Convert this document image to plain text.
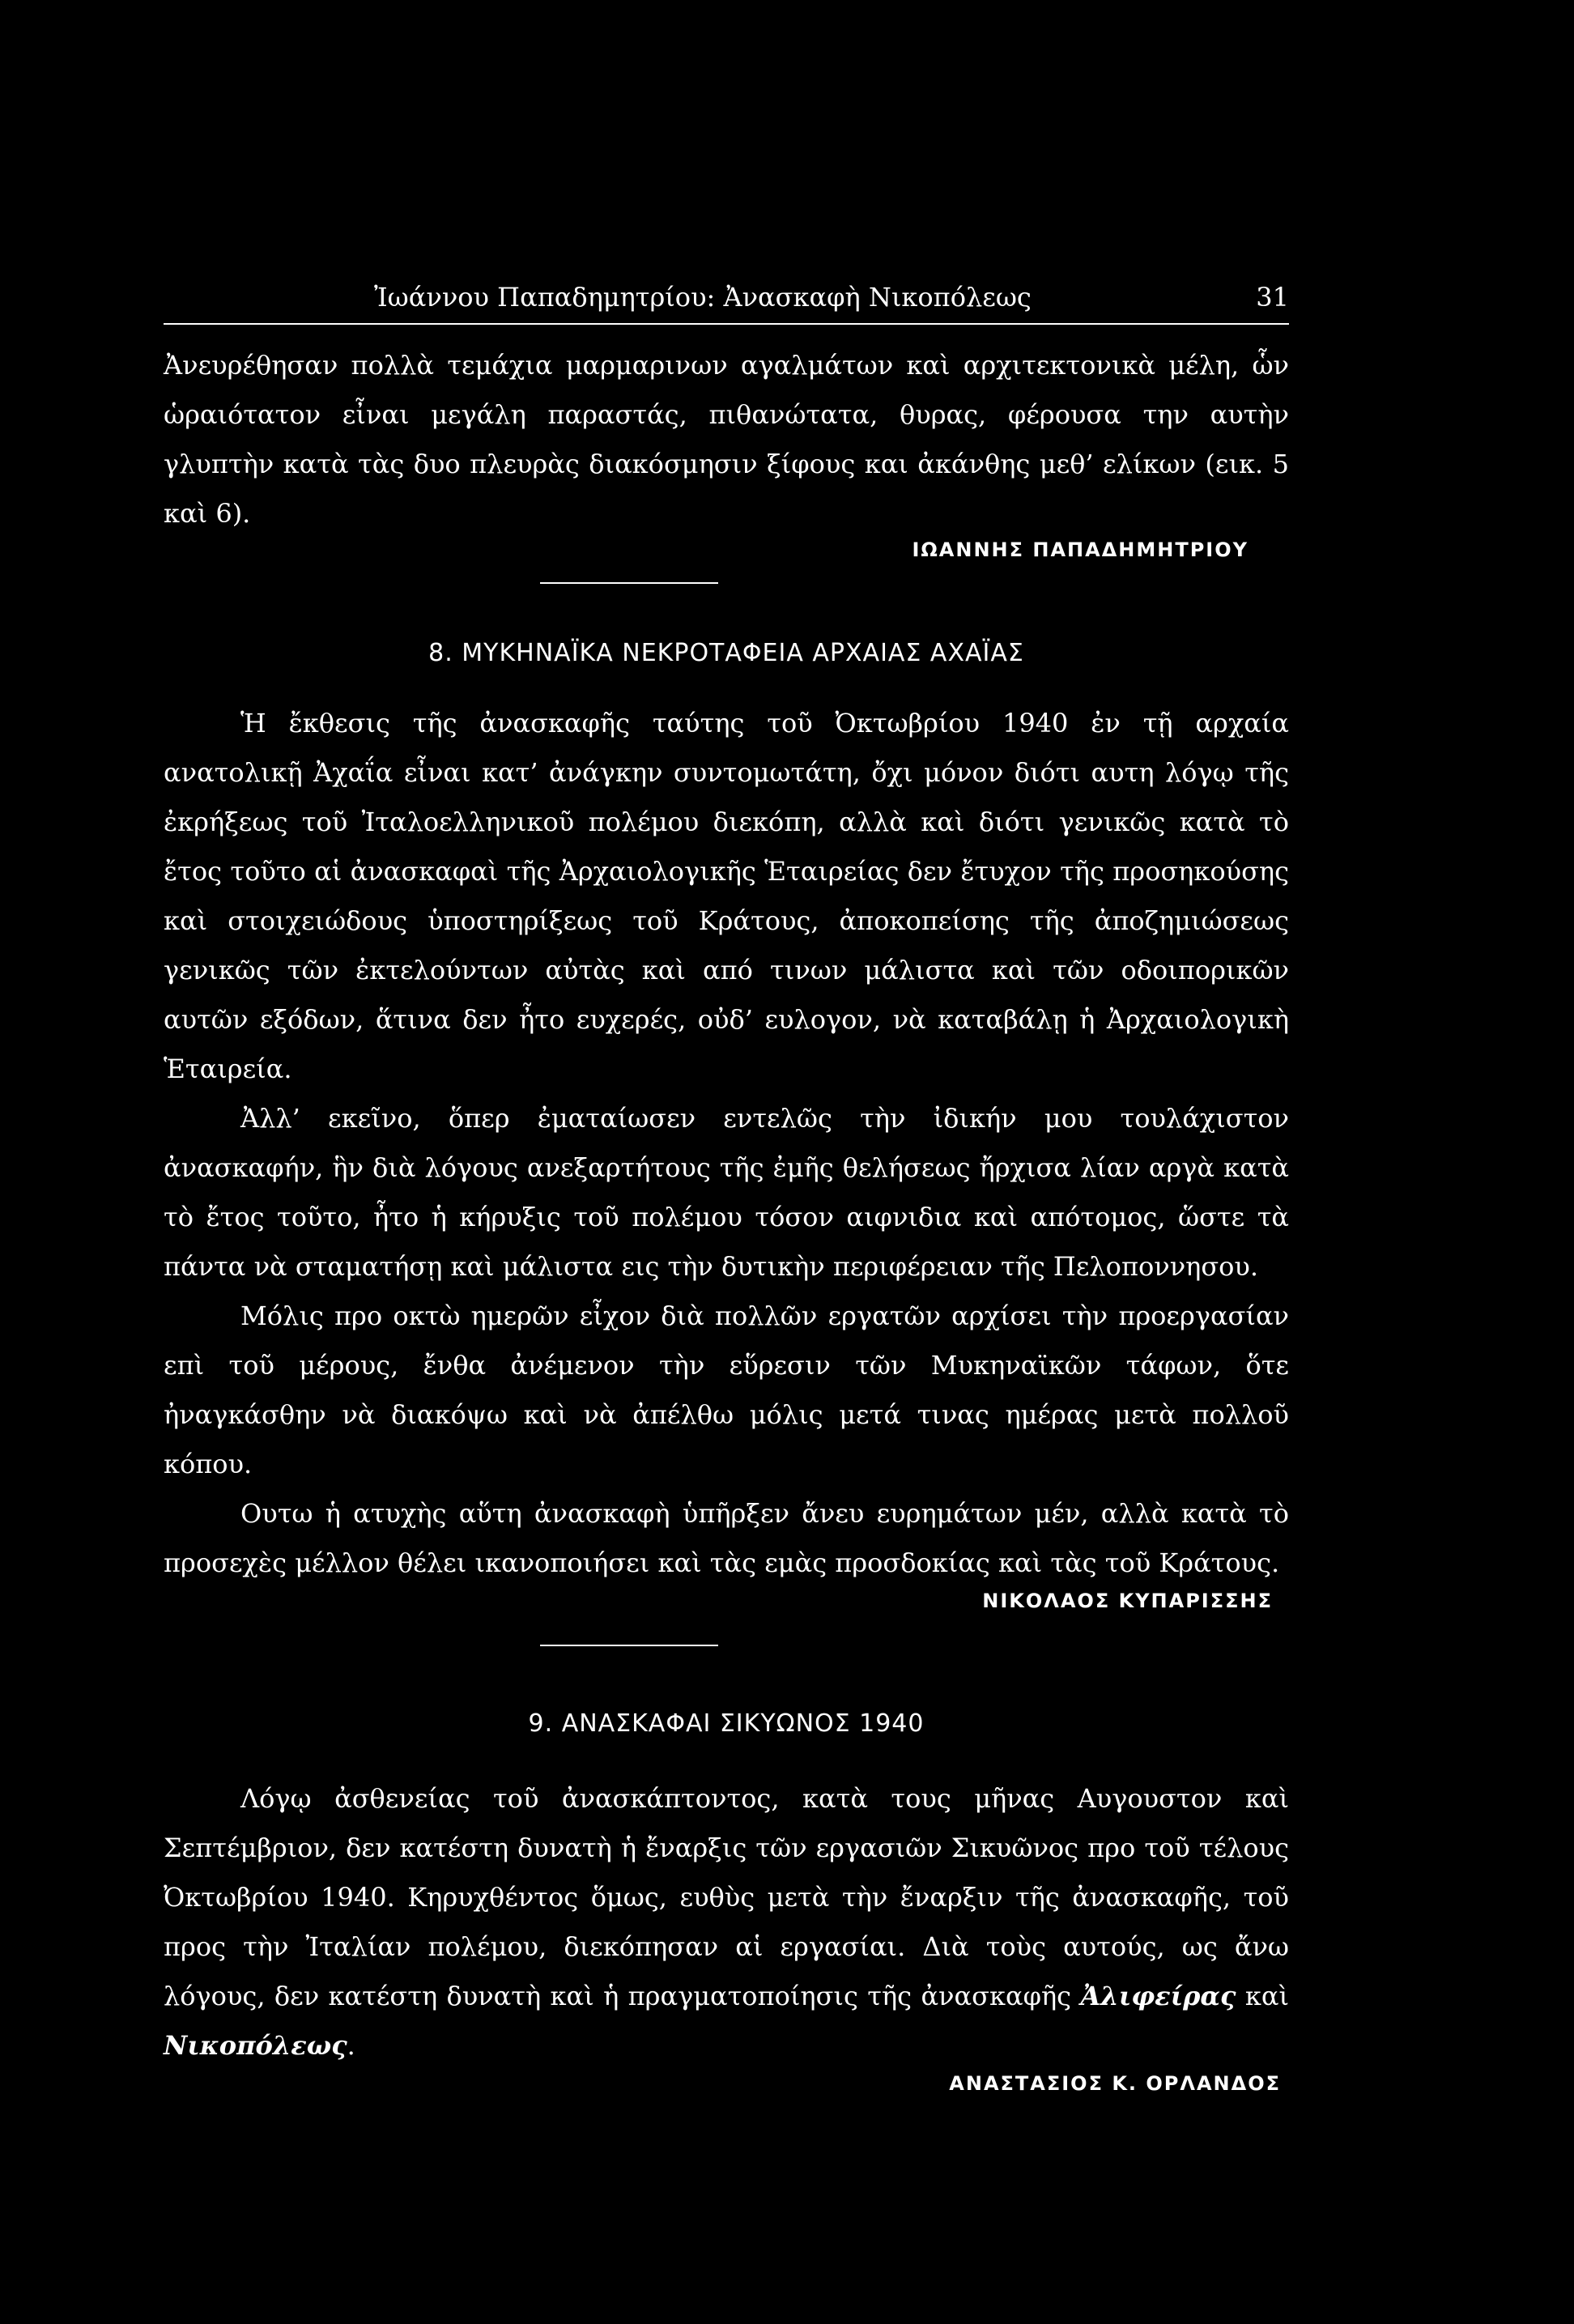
Ἰωάννου Παπαδημητρίου: Ἀνασκαφὴ Νικοπόλεως	31

Ἀνευρέθησαν πολλὰ τεμάχια μαρμαρινων αγαλμάτων καὶ αρχιτεκτονικὰ μέλη, ὧν ὡραιότατον εἶναι μεγάλη παραστάς, πιθανώτατα, θυρας, φέρουσα την αυτὴν γλυπτὴν κατὰ τὰς δυο πλευρὰς διακόσμησιν ξίφους και ἀκάνθης μεθ’ ελίκων (εικ. 5 καὶ 6).

ΙΩΑΝΝΗΣ ΠΑΠΑΔΗΜΗΤΡΙΟΥ

8. ΜΥΚΗΝΑΪΚΑ ΝΕΚΡΟΤΑΦΕΙΑ ΑΡΧΑΙΑΣ ΑΧΑΪΑΣ

Ἡ ἔκθεσις τῆς ἀνασκαφῆς ταύτης τοῦ Ὀκτωβρίου 1940 ἐν τῇ αρχαία ανατολικῇ Ἀχαΐα εἶναι κατ’ ἀνάγκην συντομωτάτη, ὄχι μόνον διότι αυτη λόγῳ τῆς ἐκρήξεως τοῦ Ἰταλοελληνικοῦ πολέμου διεκόπη, αλλὰ καὶ διότι γενικῶς κατὰ τὸ ἔτος τοῦτο αἱ ἀνασκαφαὶ τῆς Ἀρχαιολογικῆς Ἑταιρείας δεν ἔτυχον τῆς προσηκούσης καὶ στοιχειώδους ὑποστηρίξεως τοῦ Κράτους, ἀποκοπείσης τῆς ἀποζημιώσεως γενικῶς τῶν ἐκτελούντων αὐτὰς καὶ από τινων μάλιστα καὶ τῶν οδοιπορικῶν αυτῶν εξόδων, ἅτινα δεν ἦτο ευχερές, οὐδ’ ευλογον, νὰ καταβάλῃ ἡ Ἀρχαιολογικὴ Ἑταιρεία.

Ἀλλ’ εκεῖνο, ὅπερ ἐματαίωσεν εντελῶς τὴν ἰδικήν μου τουλάχιστον ἀνασκαφήν, ἣν διὰ λόγους ανεξαρτήτους τῆς ἐμῆς θελήσεως ἤρχισα λίαν αργὰ κατὰ τὸ ἔτος τοῦτο, ἦτο ἡ κήρυξις τοῦ πολέμου τόσον αιφνιδια καὶ απότομος, ὥστε τὰ πάντα νὰ σταματήσῃ καὶ μάλιστα εις τὴν δυτικὴν περιφέρειαν τῆς Πελοποννησου.

Μόλις προ οκτὼ ημερῶν εἶχον διὰ πολλῶν εργατῶν αρχίσει τὴν προεργασίαν επὶ τοῦ μέρους, ἔνθα ἀνέμενον τὴν εὕρεσιν τῶν Μυκηναϊκῶν τάφων, ὅτε ἠναγκάσθην νὰ διακόψω καὶ νὰ ἀπέλθω μόλις μετά τινας ημέρας μετὰ πολλοῦ κόπου.

Ουτω ἡ ατυχὴς αὕτη ἀνασκαφὴ ὑπῆρξεν ἄνευ ευρημάτων μέν, αλλὰ κατὰ τὸ προσεχὲς μέλλον θέλει ικανοποιήσει καὶ τὰς εμὰς προσδοκίας καὶ τὰς τοῦ Κράτους.

ΝΙΚΟΛΑΟΣ ΚΥΠΑΡΙΣΣΗΣ

9. ΑΝΑΣΚΑΦΑΙ ΣΙΚΥΩΝΟΣ 1940

Λόγῳ ἀσθενείας τοῦ ἀνασκάπτοντος, κατὰ τους μῆνας Αυγουστον καὶ Σεπτέμβριον, δεν κατέστη δυνατὴ ἡ ἔναρξις τῶν εργασιῶν Σικυῶνος προ τοῦ τέλους Ὀκτωβρίου 1940. Κηρυχθέντος ὅμως, ευθὺς μετὰ τὴν ἔναρξιν τῆς ἀνασκαφῆς, τοῦ προς τὴν Ἰταλίαν πολέμου, διεκόπησαν αἱ εργασίαι. Διὰ τοὺς αυτούς, ως ἄνω λόγους, δεν κατέστη δυνατὴ καὶ ἡ πραγματοποίησις τῆς ἀνασκαφῆς Ἀλιφείρας καὶ Νικοπόλεως.

ΑΝΑΣΤΑΣΙΟΣ Κ. ΟΡΛΑΝΔΟΣ
